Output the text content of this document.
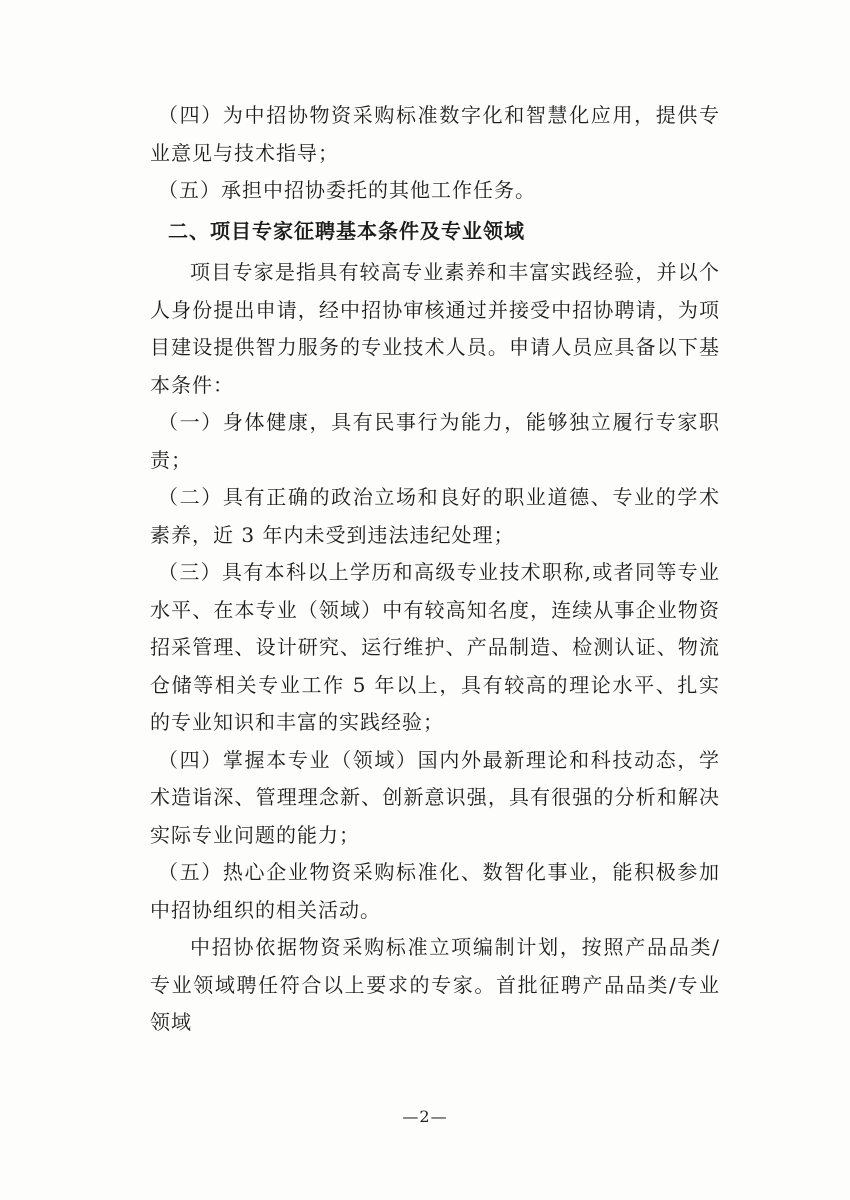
（四）为中招协物资采购标准数字化和智慧化应用，提供专业意见与技术指导；

（五）承担中招协委托的其他工作任务。

二、项目专家征聘基本条件及专业领域

项目专家是指具有较高专业素养和丰富实践经验，并以个人身份提出申请，经中招协审核通过并接受中招协聘请，为项目建设提供智力服务的专业技术人员。申请人员应具备以下基本条件：

（一）身体健康，具有民事行为能力，能够独立履行专家职责；

（二）具有正确的政治立场和良好的职业道德、专业的学术素养，近 3 年内未受到违法违纪处理；

（三）具有本科以上学历和高级专业技术职称,或者同等专业水平、在本专业（领域）中有较高知名度，连续从事企业物资招采管理、设计研究、运行维护、产品制造、检测认证、物流仓储等相关专业工作 5 年以上，具有较高的理论水平、扎实的专业知识和丰富的实践经验；

（四）掌握本专业（领域）国内外最新理论和科技动态，学术造诣深、管理理念新、创新意识强，具有很强的分析和解决实际专业问题的能力；

（五）热心企业物资采购标准化、数智化事业，能积极参加中招协组织的相关活动。

中招协依据物资采购标准立项编制计划，按照产品品类/专业领域聘任符合以上要求的专家。首批征聘产品品类/专业领域

—2—
